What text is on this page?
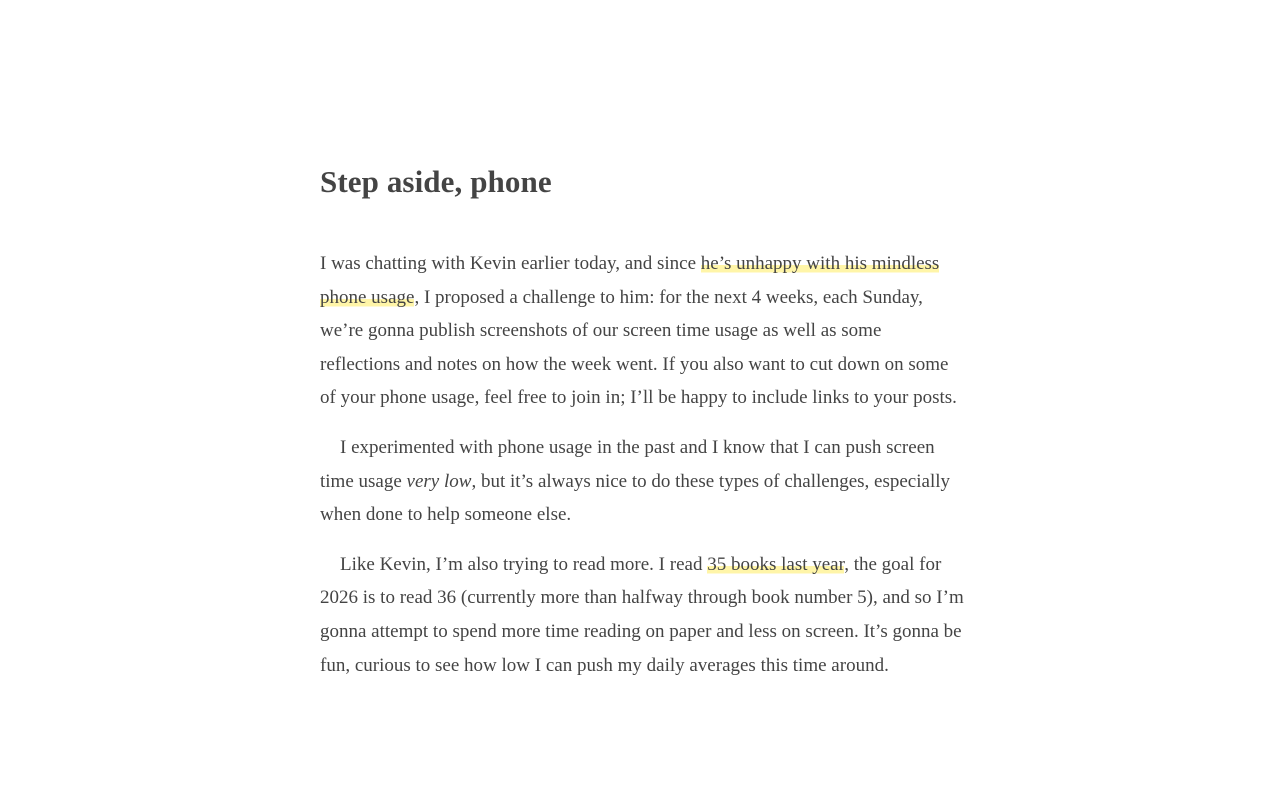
Step aside, phone

I was chatting with Kevin earlier today, and since he’s unhappy with his mindless phone usage, I proposed a challenge to him: for the next 4 weeks, each Sunday, we’re gonna publish screenshots of our screen time usage as well as some reflections and notes on how the week went. If you also want to cut down on some of your phone usage, feel free to join in; I’ll be happy to include links to your posts.

I experimented with phone usage in the past and I know that I can push screen time usage very low, but it’s always nice to do these types of challenges, especially when done to help someone else.

Like Kevin, I’m also trying to read more. I read 35 books last year, the goal for 2026 is to read 36 (currently more than halfway through book number 5), and so I’m gonna attempt to spend more time reading on paper and less on screen. It’s gonna be fun, curious to see how low I can push my daily averages this time around.
